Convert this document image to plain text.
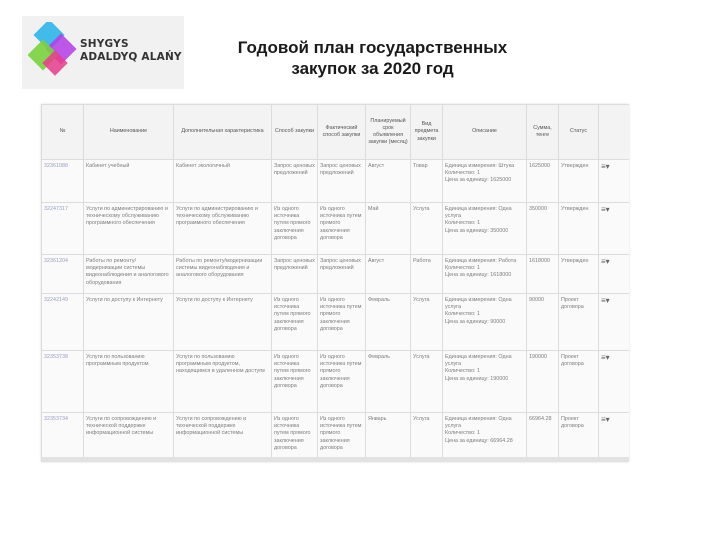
SHYGYS
ADALDYQ ALAŃY	Годовой план государственных
закупок за 2020 год
№	Наименование	Дополнительная характеристика	Способ закупки	Фактический способ закупки	Планируемый срок объявления закупки (месяц)	Вид предмета закупки	Описание	Сумма, тенге	Статус	
32361088	Кабинет учебный	Кабинет экологичный	Запрос ценовых предложений	Запрос ценовых предложений	Август	Товар	Единица измерения: Штука
Количество: 1
Цена за единицу: 1625000	1625000	Утвержден	≡▾
32247317	Услуги по администрированию и техническому обслуживанию программного обеспечения	Услуги по администрированию и техническому обслуживанию программного обеспечения	Из одного источника путем прямого заключения договора	Из одного источника путем прямого заключения договора	Май	Услуга	Единица измерения: Одна услуга
Количество: 1
Цена за единицу: 350000	350000	Утвержден	≡▾
32361204	Работы по ремонту/модернизации системы видеонаблюдения и аналогового оборудования	Работы по ремонту/модернизации системы видеонаблюдения и аналогового оборудования	Запрос ценовых предложений	Запрос ценовых предложений	Август	Работа	Единица измерения: Работа
Количество: 1
Цена за единицу: 1618000	1618000	Утвержден	≡▾
32242149	Услуги по доступу к Интернету	Услуги по доступу к Интернету	Из одного источника путем прямого заключения договора	Из одного источника путем прямого заключения договора	Февраль	Услуга	Единица измерения: Одна услуга
Количество: 1
Цена за единицу: 90000	90000	Проект договора	≡▾
32353738	Услуги по пользованию программным продуктом	Услуги по пользованию программным продуктом, находящимся в удаленном доступе	Из одного источника путем прямого заключения договора	Из одного источника путем прямого заключения договора	Февраль	Услуга	Единица измерения: Одна услуга
Количество: 1
Цена за единицу: 190000	190000	Проект договора	≡▾
32353734	Услуги по сопровождению и технической поддержке информационной системы	Услуги по сопровождению и технической поддержке информационной системы	Из одного источника путем прямого заключения договора	Из одного источника путем прямого заключения договора	Январь	Услуга	Единица измерения: Одна услуга
Количество: 1
Цена за единицу: 66964.28	66964.28	Проект договора	≡▾
